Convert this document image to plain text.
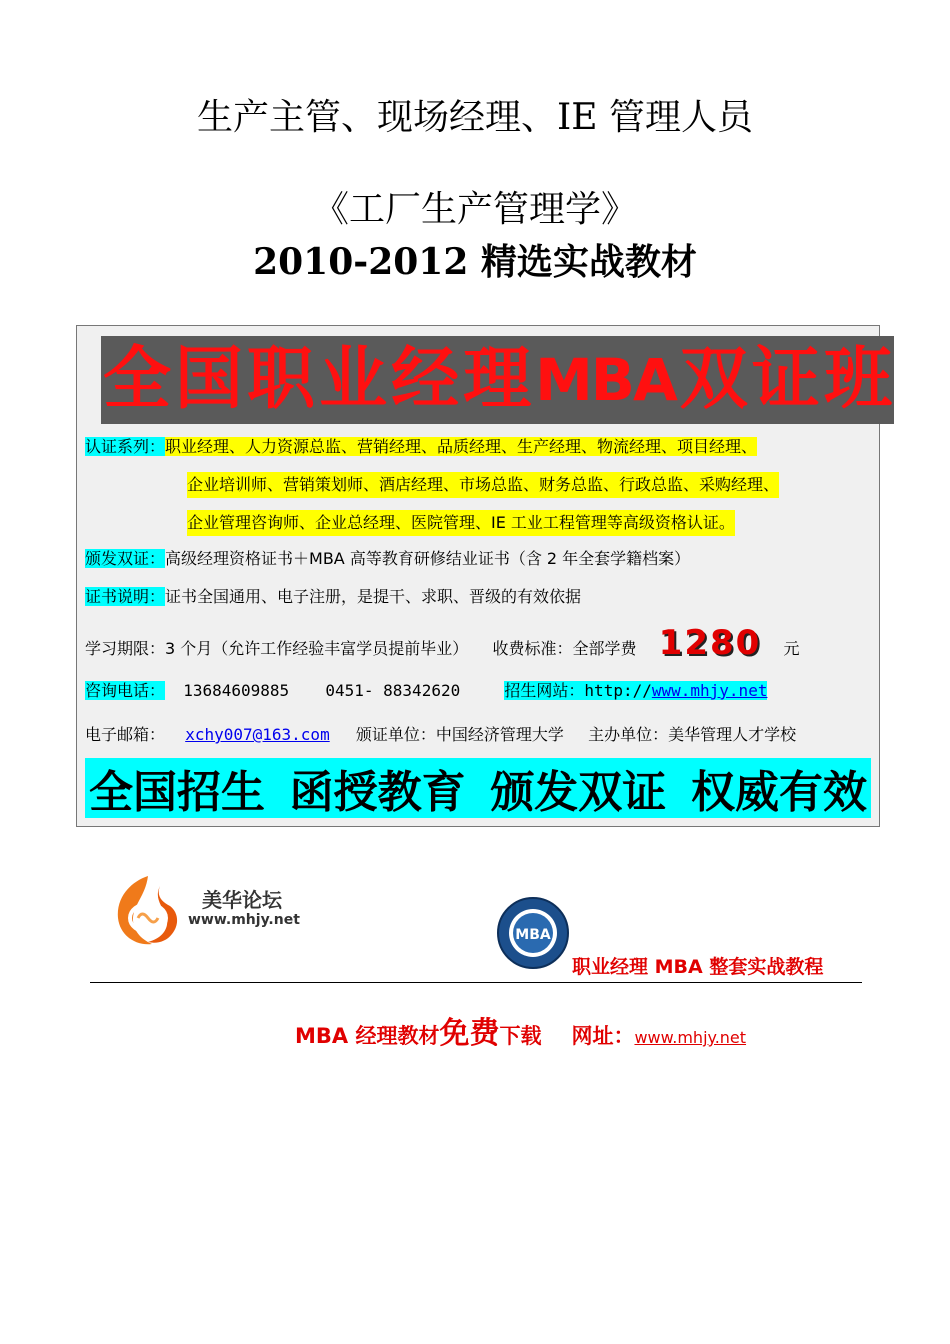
生产主管、现场经理、IE 管理人员
《工厂生产管理学》
2010-2012 精选实战教材
全 国 职 业 经 理 MBA 双 证 班
认证系列：职业经理、人力资源总监、营销经理、品质经理、生产经理、物流经理、项目经理、
企业培训师、营销策划师、酒店经理、市场总监、财务总监、行政总监、采购经理、
企业管理咨询师、企业总经理、医院管理、IE 工业工程管理等高级资格认证。
颁发双证：高级经理资格证书＋MBA 高等教育研修结业证书（含 2 年全套学籍档案）
证书说明：证书全国通用、电子注册，是提干、求职、晋级的有效依据
学习期限：3 个月（允许工作经验丰富学员提前毕业） 收费标准：全部学费 1280 元
咨询电话： 13684609885 0451- 88342620	招生网站：http://www.mhjy.net
电子邮箱： xchy007@163.com 颁证单位：中国经济管理大学 主办单位：美华管理人才学校
全国招生 函授教育 颁发双证 权威有效
美华论坛
www.mhjy.net
MBA
职业经理 MBA 整套实战教程
MBA 经理教材免费下载 网址：www.mhjy.net
